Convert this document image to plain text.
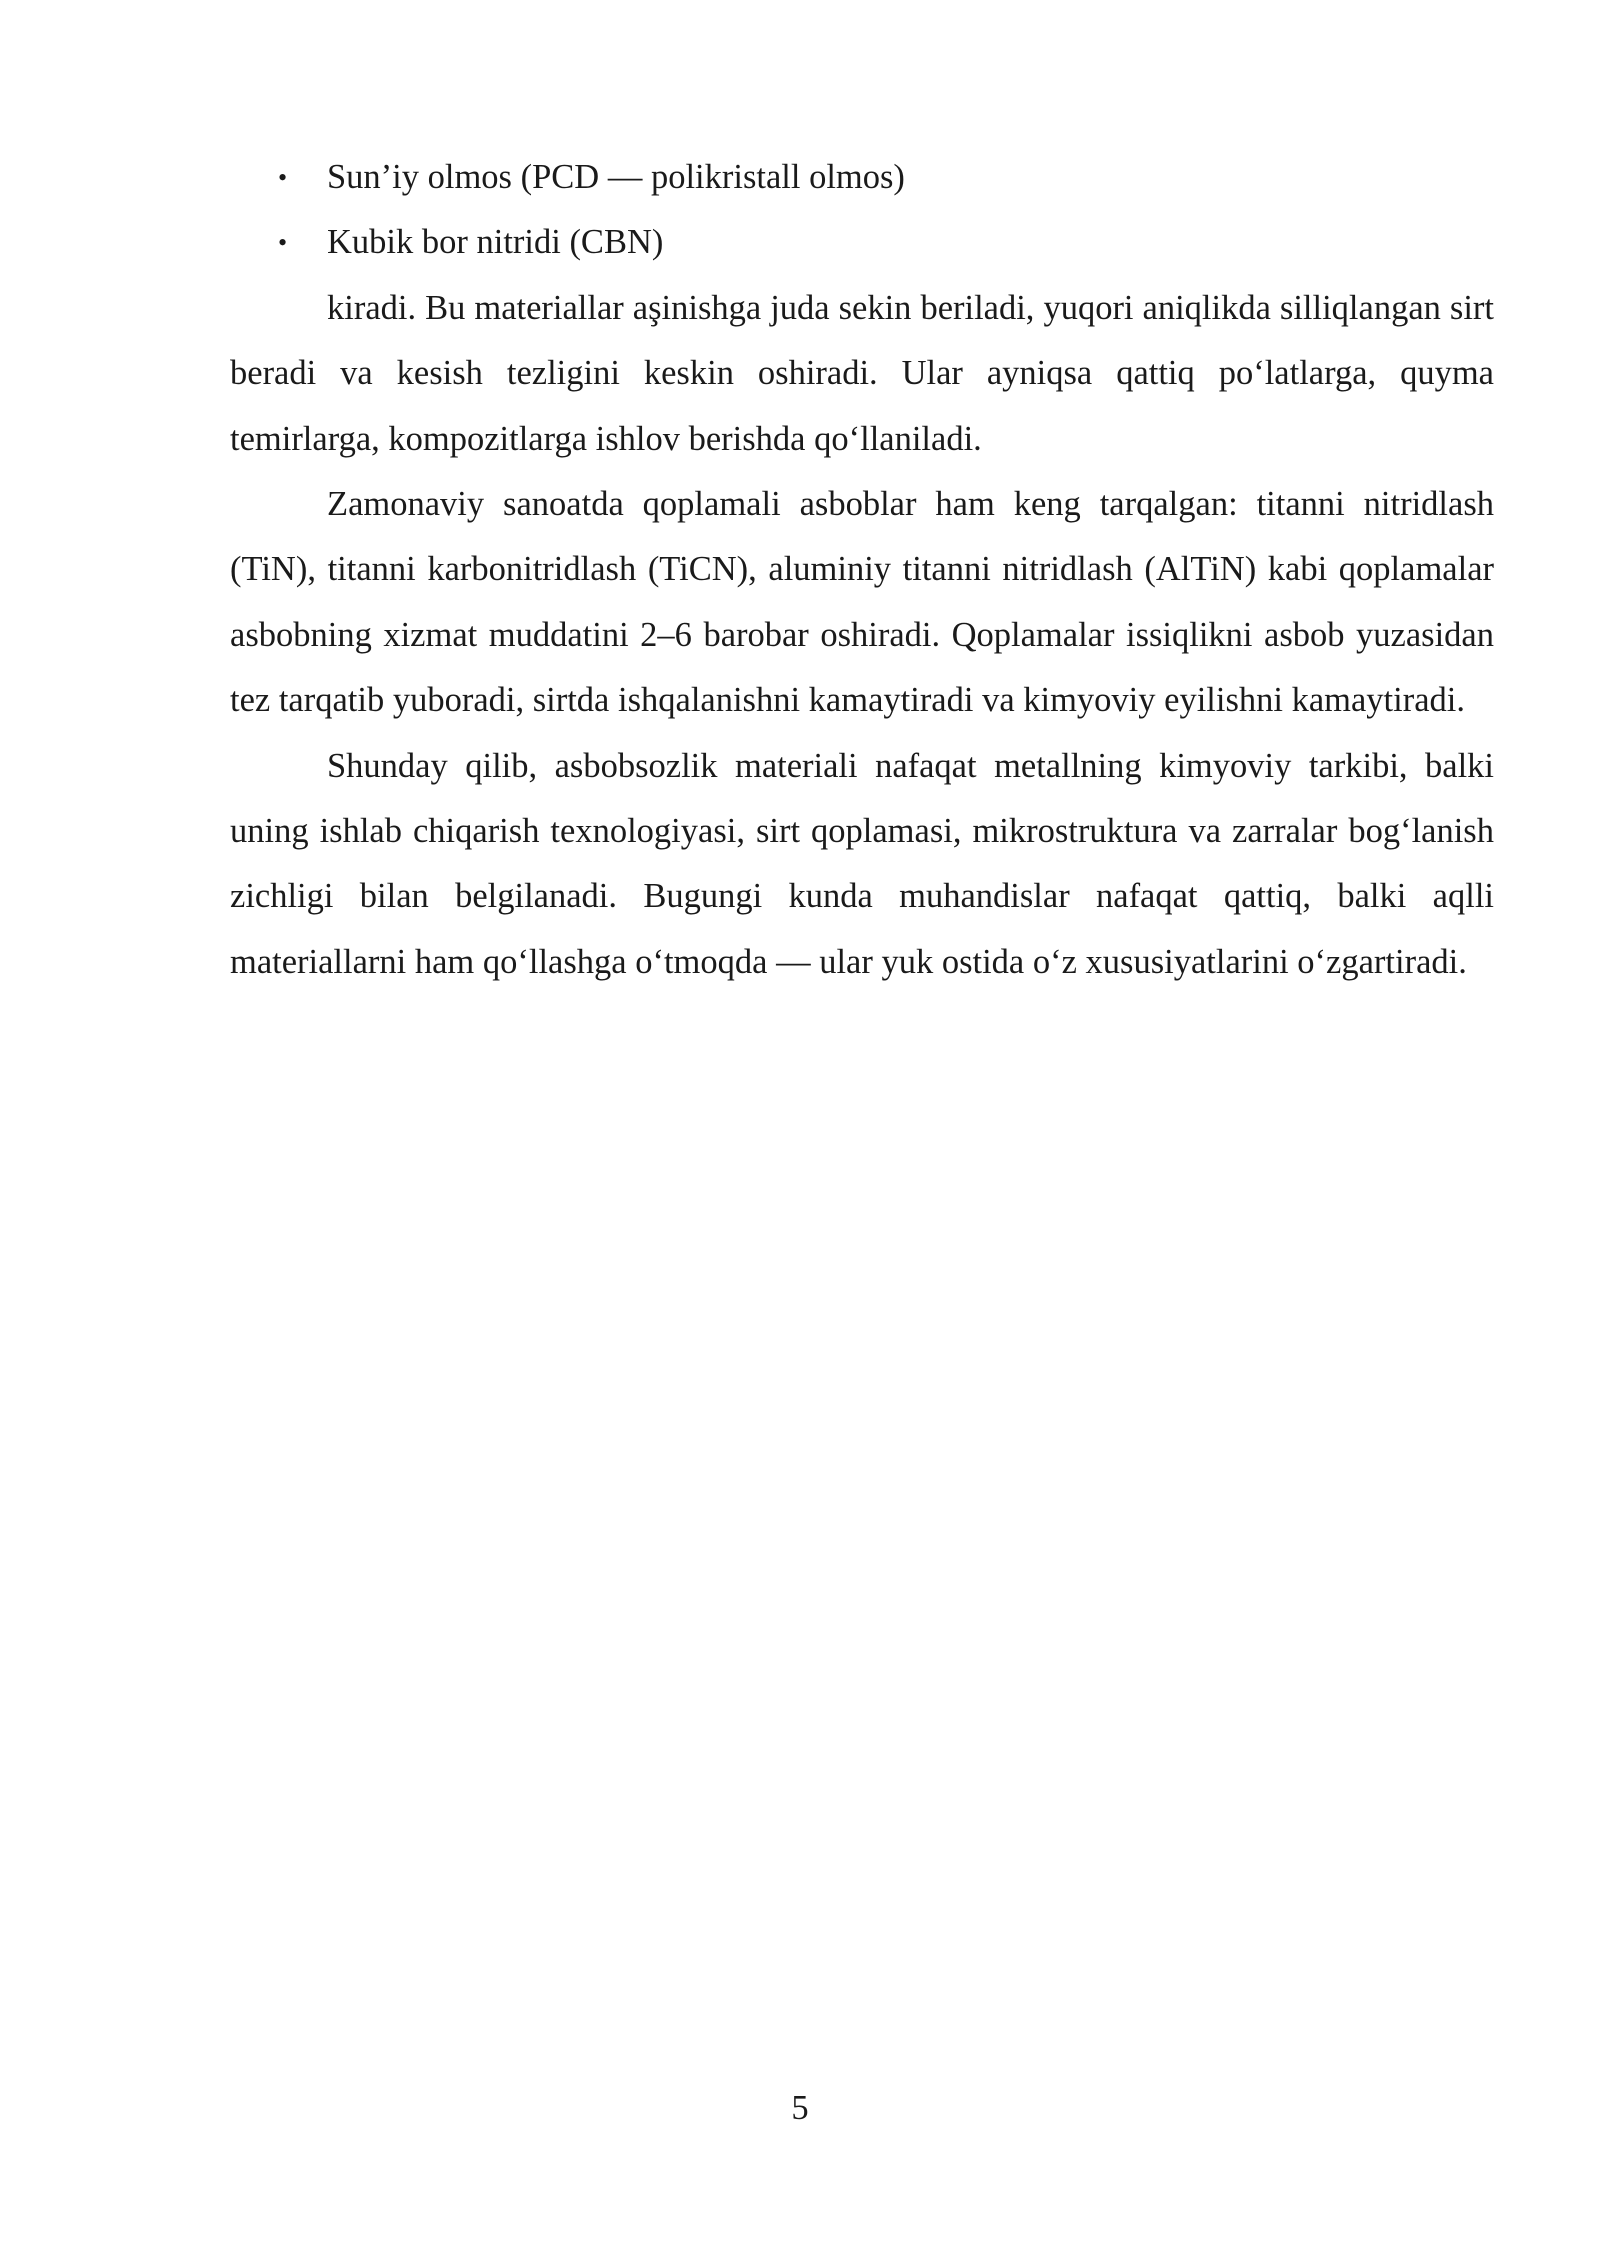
• Sun’iy olmos (PCD — polikristall olmos)
• Kubik bor nitridi (CBN)

kiradi. Bu materiallar aşinishga juda sekin beriladi, yuqori aniqlikda silliqlangan sirt beradi va kesish tezligini keskin oshiradi. Ular ayniqsa qattiq po‘latlarga, quyma temirlarga, kompozitlarga ishlov berishda qo‘llaniladi.

Zamonaviy sanoatda qoplamali asboblar ham keng tarqalgan: titanni nitridlash (TiN), titanni karbonitridlash (TiCN), aluminiy titanni nitridlash (AlTiN) kabi qoplamalar asbobning xizmat muddatini 2–6 barobar oshiradi. Qoplamalar issiqlikni asbob yuzasidan tez tarqatib yuboradi, sirtda ishqalanishni kamaytiradi va kimyoviy eyilishni kamaytiradi.

Shunday qilib, asbobsozlik materiali nafaqat metallning kimyoviy tarkibi, balki uning ishlab chiqarish texnologiyasi, sirt qoplamasi, mikrostruktura va zarralar bog‘lanish zichligi bilan belgilanadi. Bugungi kunda muhandislar nafaqat qattiq, balki aqlli materiallarni ham qo‘llashga o‘tmoqda — ular yuk ostida o‘z xususiyatlarini o‘zgartiradi.

5
